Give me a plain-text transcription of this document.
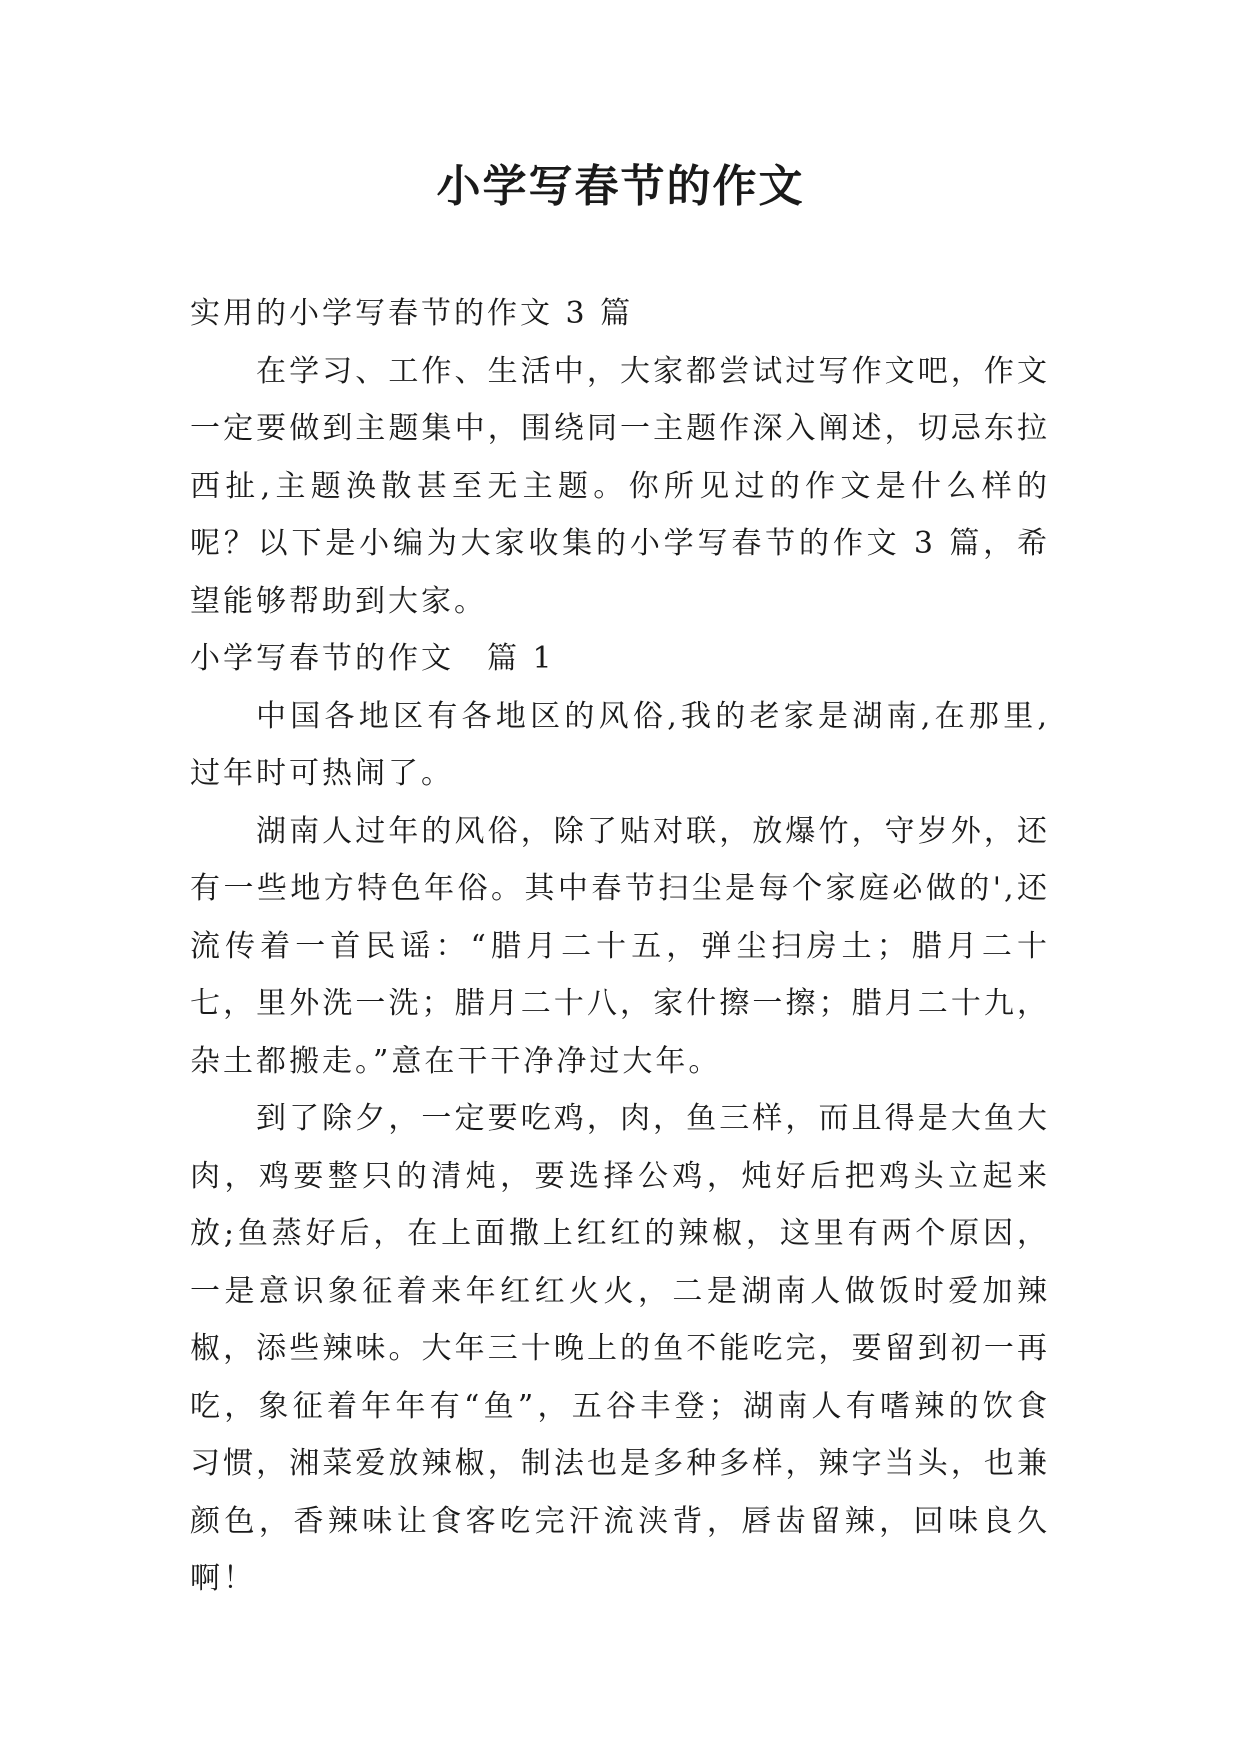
小学写春节的作文

实用的小学写春节的作文 3 篇

在学习、工作、生活中，大家都尝试过写作文吧，作文一定要做到主题集中，围绕同一主题作深入阐述，切忌东拉西扯,主题涣散甚至无主题。你所见过的作文是什么样的呢？以下是小编为大家收集的小学写春节的作文 3 篇，希望能够帮助到大家。

小学写春节的作文　篇 1

中国各地区有各地区的风俗,我的老家是湖南,在那里,过年时可热闹了。

湖南人过年的风俗，除了贴对联，放爆竹，守岁外，还有一些地方特色年俗。其中春节扫尘是每个家庭必做的',还流传着一首民谣：“腊月二十五，弹尘扫房土；腊月二十七，里外洗一洗；腊月二十八，家什擦一擦；腊月二十九，杂土都搬走。”意在干干净净过大年。

到了除夕，一定要吃鸡，肉，鱼三样，而且得是大鱼大肉，鸡要整只的清炖，要选择公鸡，炖好后把鸡头立起来放;鱼蒸好后，在上面撒上红红的辣椒，这里有两个原因，一是意识象征着来年红红火火，二是湖南人做饭时爱加辣椒，添些辣味。大年三十晚上的鱼不能吃完，要留到初一再吃，象征着年年有“鱼”，五谷丰登；湖南人有嗜辣的饮食习惯，湘菜爱放辣椒，制法也是多种多样，辣字当头，也兼颜色，香辣味让食客吃完汗流浃背，唇齿留辣，回味良久啊！
